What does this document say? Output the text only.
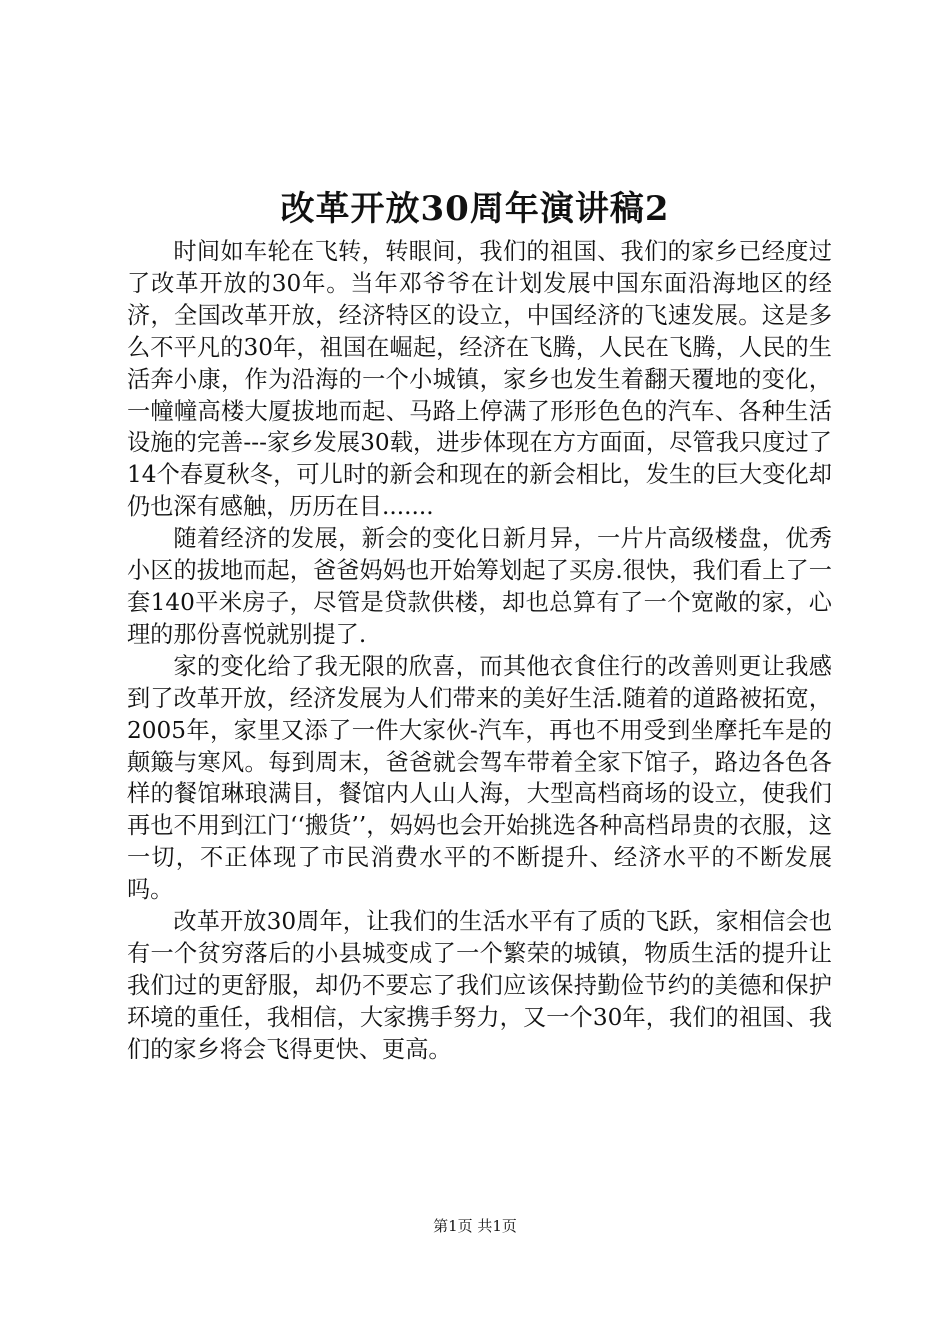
改革开放30周年演讲稿2

时间如车轮在飞转，转眼间，我们的祖国、我们的家乡已经度过了改革开放的30年。当年邓爷爷在计划发展中国东面沿海地区的经济，全国改革开放，经济特区的设立，中国经济的飞速发展。这是多么不平凡的30年，祖国在崛起，经济在飞腾，人民在飞腾，人民的生活奔小康，作为沿海的一个小城镇，家乡也发生着翻天覆地的变化，一幢幢高楼大厦拔地而起、马路上停满了形形色色的汽车、各种生活设施的完善---家乡发展30载，进步体现在方方面面，尽管我只度过了14个春夏秋冬，可儿时的新会和现在的新会相比，发生的巨大变化却仍也深有感触，历历在目.......

随着经济的发展，新会的变化日新月异，一片片高级楼盘，优秀小区的拔地而起，爸爸妈妈也开始筹划起了买房.很快，我们看上了一套140平米房子，尽管是贷款供楼，却也总算有了一个宽敞的家，心理的那份喜悦就别提了.

家的变化给了我无限的欣喜，而其他衣食住行的改善则更让我感到了改革开放，经济发展为人们带来的美好生活.随着的道路被拓宽，2005年，家里又添了一件大家伙-汽车，再也不用受到坐摩托车是的颠簸与寒风。每到周末，爸爸就会驾车带着全家下馆子，路边各色各样的餐馆琳琅满目，餐馆内人山人海，大型高档商场的设立，使我们再也不用到江门‘‘搬货’’，妈妈也会开始挑选各种高档昂贵的衣服，这一切，不正体现了市民消费水平的不断提升、经济水平的不断发展吗。

改革开放30周年，让我们的生活水平有了质的飞跃，家相信会也有一个贫穷落后的小县城变成了一个繁荣的城镇，物质生活的提升让我们过的更舒服，却仍不要忘了我们应该保持勤俭节约的美德和保护环境的重任，我相信，大家携手努力，又一个30年，我们的祖国、我们的家乡将会飞得更快、更高。

第1页 共1页
